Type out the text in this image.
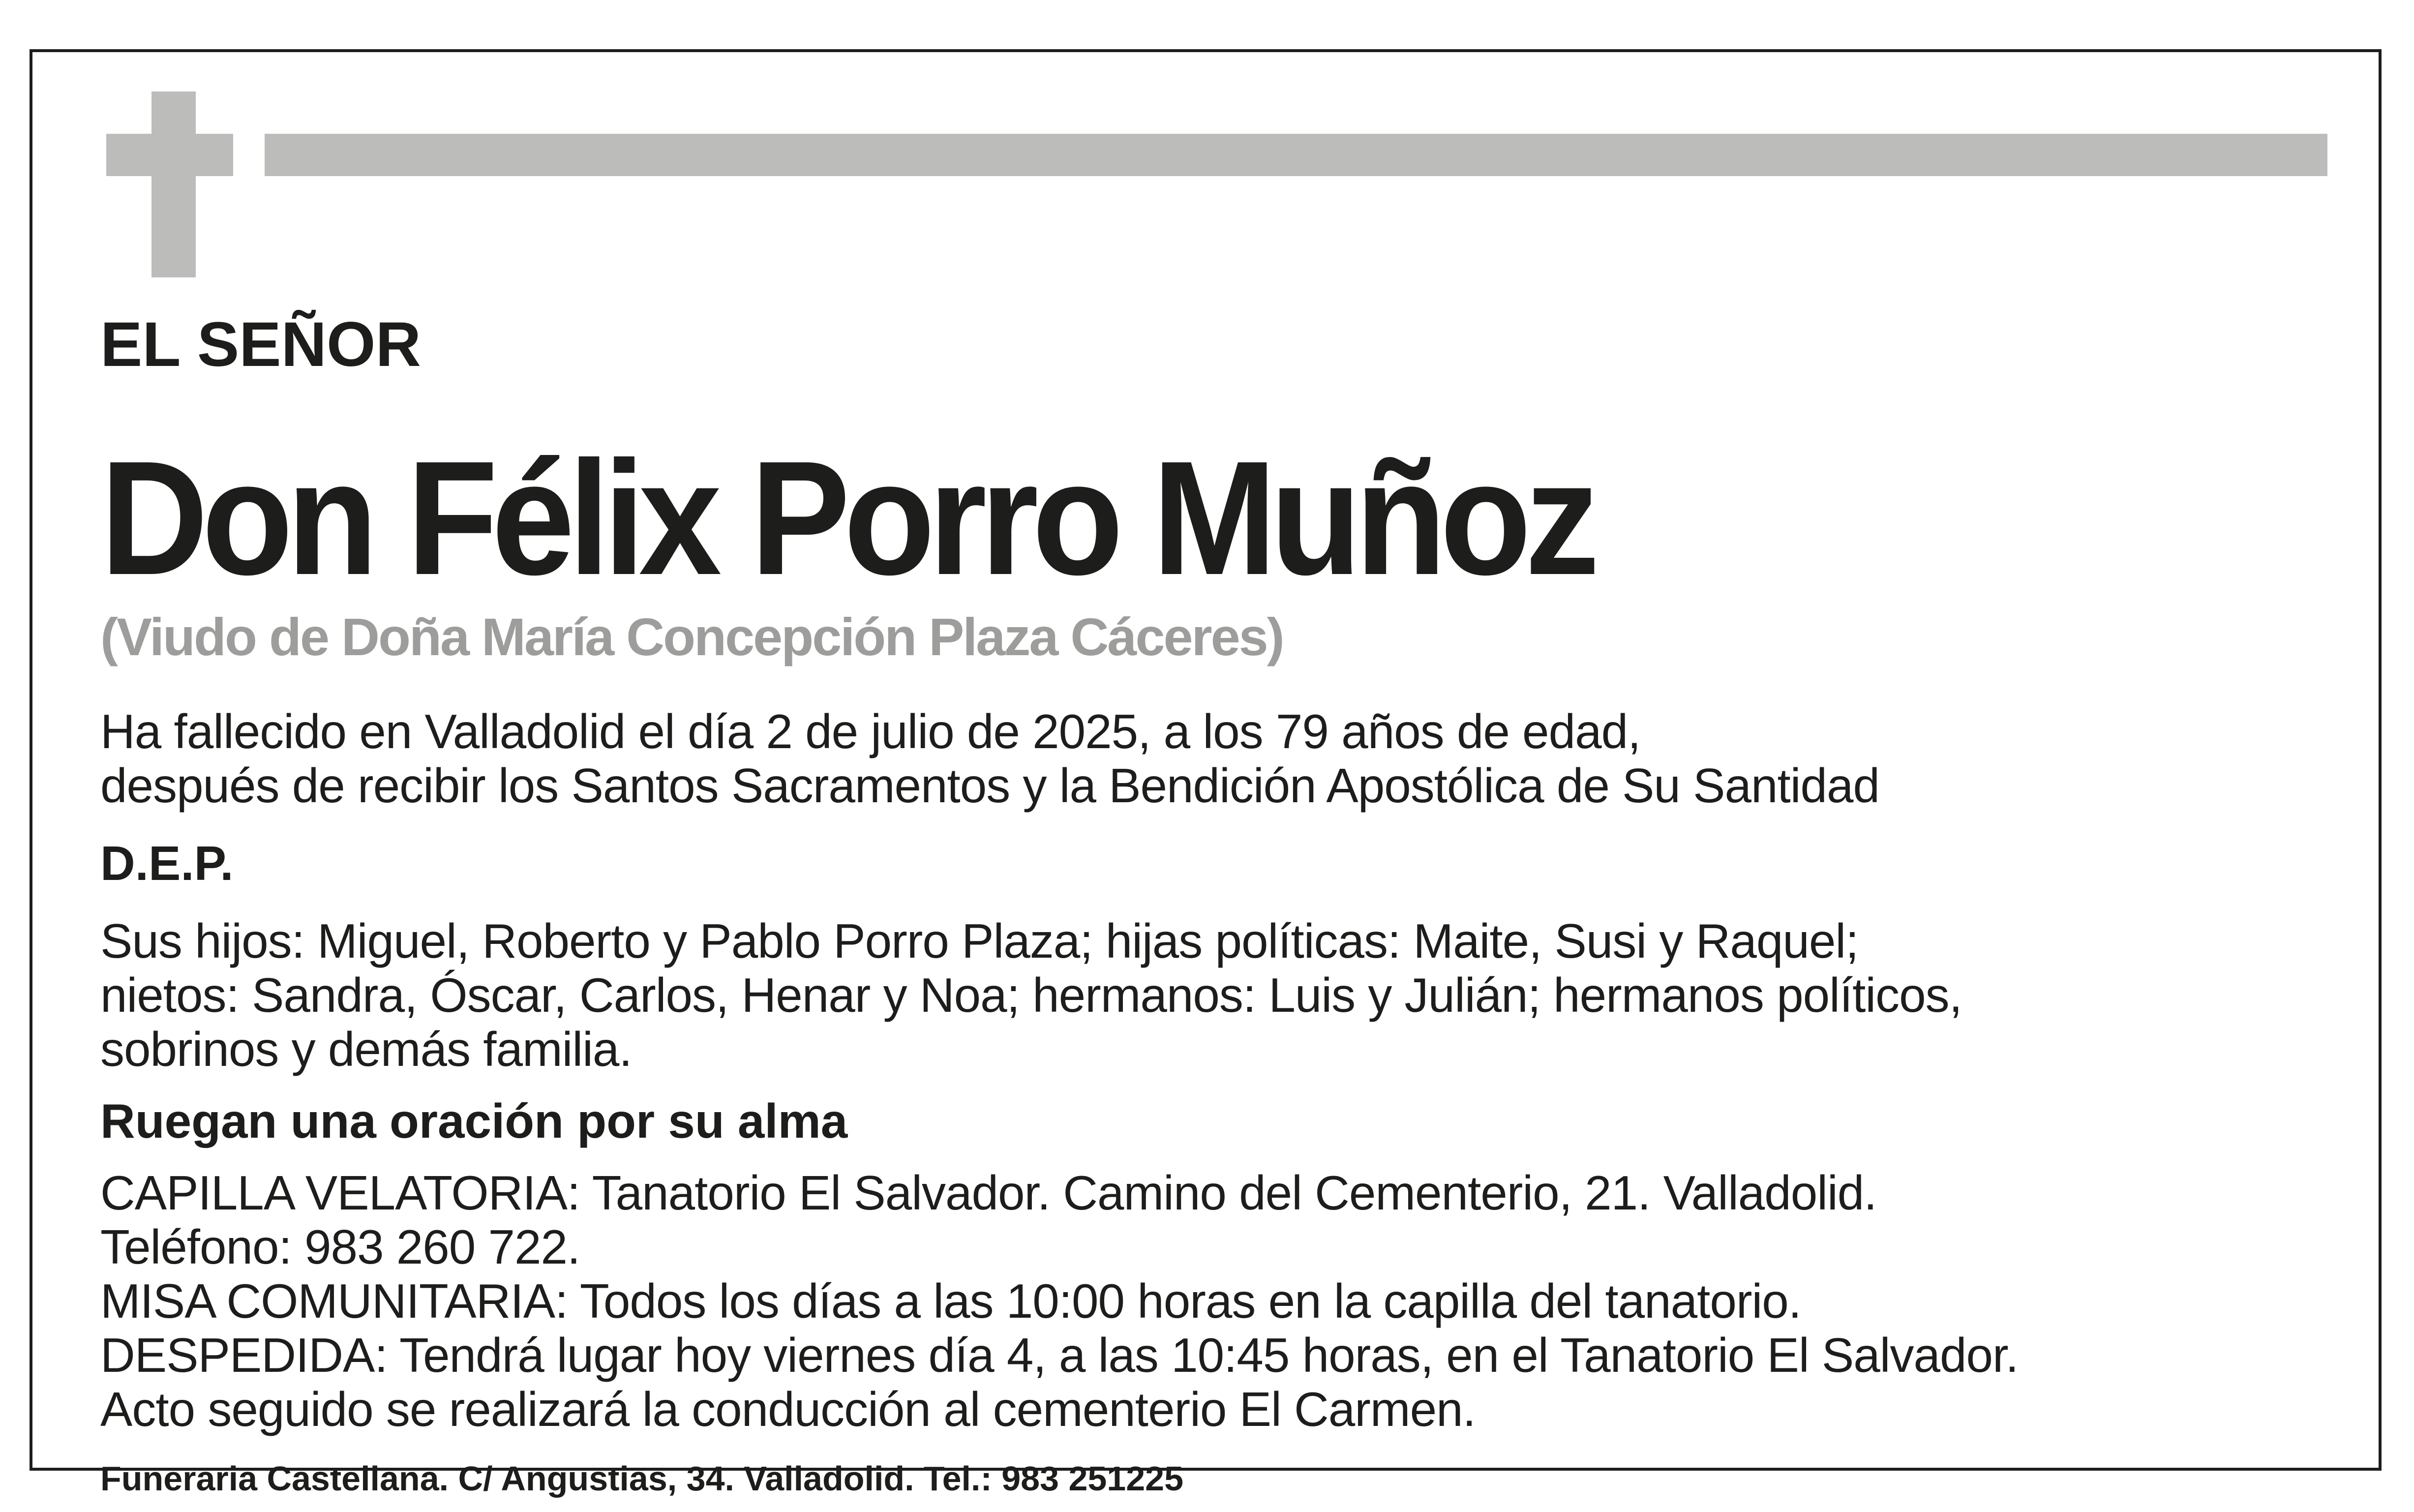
EL SEÑOR

Don Félix Porro Muñoz

(Viudo de Doña María Concepción Plaza Cáceres)

Ha fallecido en Valladolid el día 2 de julio de 2025, a los 79 años de edad,

después de recibir los Santos Sacramentos y la Bendición Apostólica de Su Santidad

D.E.P.

Sus hijos: Miguel, Roberto y Pablo Porro Plaza; hijas políticas: Maite, Susi y Raquel;

nietos: Sandra, Óscar, Carlos, Henar y Noa; hermanos: Luis y Julián; hermanos políticos,

sobrinos y demás familia.

Ruegan una oración por su alma

CAPILLA VELATORIA: Tanatorio El Salvador. Camino del Cementerio, 21. Valladolid.

Teléfono: 983 260 722.

MISA COMUNITARIA: Todos los días a las 10:00 horas en la capilla del tanatorio.

DESPEDIDA: Tendrá lugar hoy viernes día 4, a las 10:45 horas, en el Tanatorio El Salvador.

Acto seguido se realizará la conducción al cementerio El Carmen.

Funeraria Castellana. C/ Angustias, 34. Valladolid. Tel.: 983 251225
